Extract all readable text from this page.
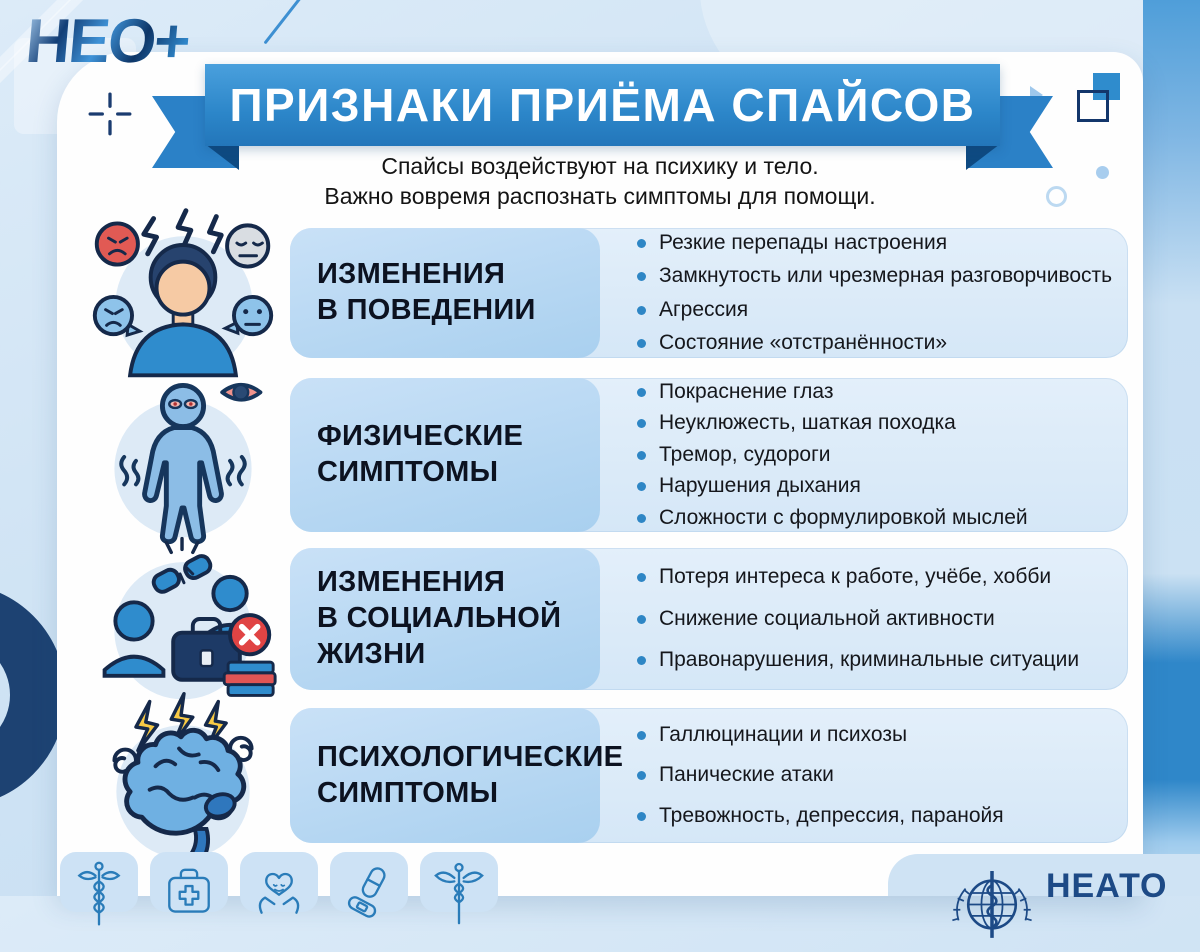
НЕО+
ПРИЗНАКИ ПРИЁМА СПАЙСОВ
Спайсы воздействуют на психику и тело.
Важно вовремя распознать симптомы для помощи.
ИЗМЕНЕНИЯ
В ПОВЕДЕНИИ
Резкие перепады настроения
Замкнутость или чрезмерная разговорчивость
Агрессия
Состояние «отстранённости»
ФИЗИЧЕСКИЕ
СИМПТОМЫ
Покраснение глаз
Неуклюжесть, шаткая походка
Тремор, судороги
Нарушения дыхания
Сложности с формулировкой мыслей
ИЗМЕНЕНИЯ
В СОЦИАЛЬНОЙ
ЖИЗНИ
Потеря интереса к работе, учёбе, хобби
Снижение социальной активности
Правонарушения, криминальные ситуации
ПСИХОЛОГИЧЕСКИЕ
СИМПТОМЫ
Галлюцинации и психозы
Панические атаки
Тревожность, депрессия, паранойя
НЕАТО
